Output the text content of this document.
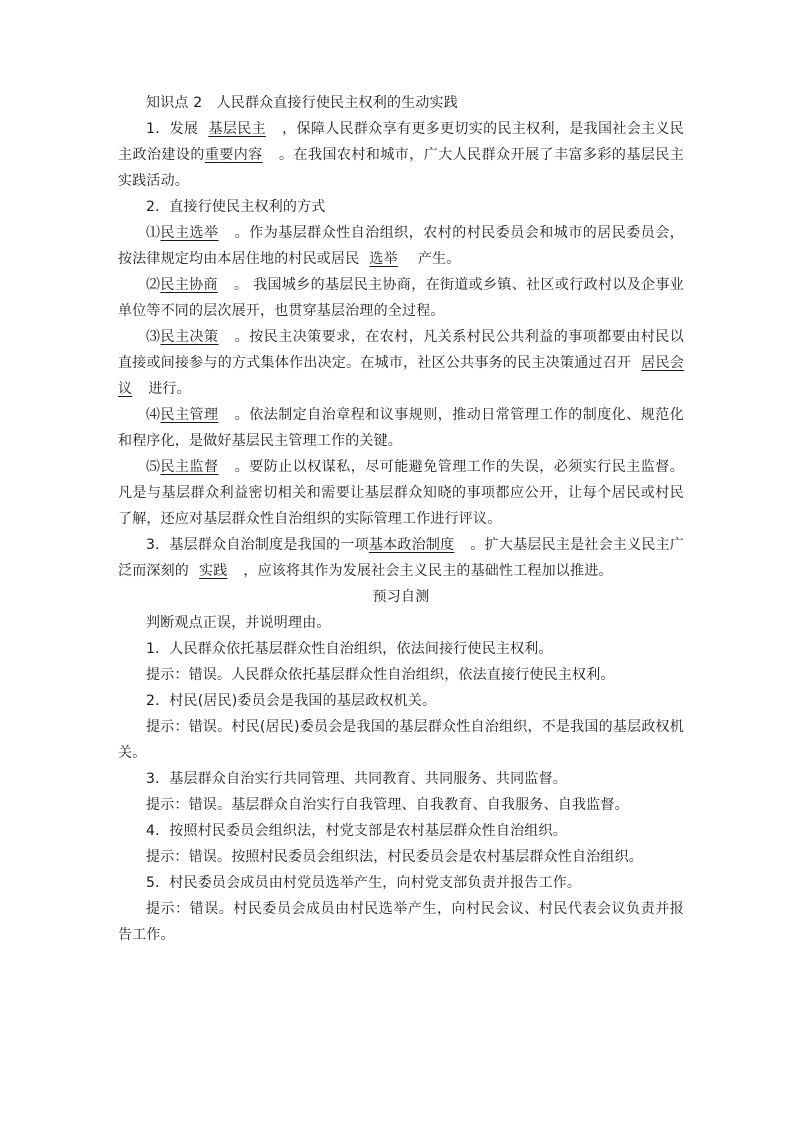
知识点 2　人民群众直接行使民主权利的生动实践

1．发展 基层民主 ，保障人民群众享有更多更切实的民主权利，是我国社会主义民主政治建设的重要内容 。在我国农村和城市，广大人民群众开展了丰富多彩的基层民主实践活动。

2．直接行使民主权利的方式

⑴民主选举 。作为基层群众性自治组织，农村的村民委员会和城市的居民委员会，按法律规定均由本居住地的村民或居民 选举 产生。

⑵民主协商 。 我国城乡的基层民主协商，在街道或乡镇、社区或行政村以及企事业单位等不同的层次展开，也贯穿基层治理的全过程。

⑶民主决策 。按民主决策要求，在农村，凡关系村民公共利益的事项都要由村民以直接或间接参与的方式集体作出决定。在城市，社区公共事务的民主决策通过召开 居民会议 进行。

⑷民主管理 。依法制定自治章程和议事规则，推动日常管理工作的制度化、规范化和程序化，是做好基层民主管理工作的关键。

⑸民主监督 。要防止以权谋私，尽可能避免管理工作的失误，必须实行民主监督。凡是与基层群众利益密切相关和需要让基层群众知晓的事项都应公开，让每个居民或村民了解，还应对基层群众性自治组织的实际管理工作进行评议。

3．基层群众自治制度是我国的一项基本政治制度 。扩大基层民主是社会主义民主广泛而深刻的 实践 ，应该将其作为发展社会主义民主的基础性工程加以推进。

预习自测

判断观点正误，并说明理由。

1．人民群众依托基层群众性自治组织，依法间接行使民主权利。

提示：错误。人民群众依托基层群众性自治组织，依法直接行使民主权利。

2．村民(居民)委员会是我国的基层政权机关。

提示：错误。村民(居民)委员会是我国的基层群众性自治组织，不是我国的基层政权机关。

3．基层群众自治实行共同管理、共同教育、共同服务、共同监督。

提示：错误。基层群众自治实行自我管理、自我教育、自我服务、自我监督。

4．按照村民委员会组织法，村党支部是农村基层群众性自治组织。

提示：错误。按照村民委员会组织法，村民委员会是农村基层群众性自治组织。

5．村民委员会成员由村党员选举产生，向村党支部负责并报告工作。

提示：错误。村民委员会成员由村民选举产生，向村民会议、村民代表会议负责并报告工作。
